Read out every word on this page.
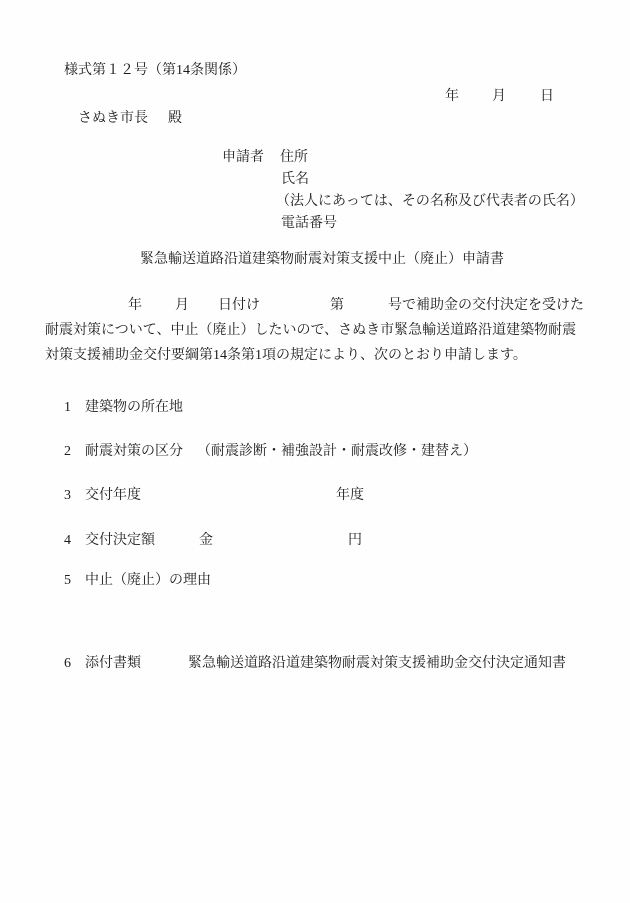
様式第１２号（第14条関係）
年 月 日
さぬき市長 殿
申請者 住所
氏名
（法人にあっては、その名称及び代表者の氏名）
電話番号
緊急輸送道路沿道建築物耐震対策支援中止（廃止）申請書
年 月 日付け	第	号で補助金の交付決定を受けた
耐震対策について、中止（廃止）したいので、さぬき市緊急輸送道路沿道建築物耐震
対策支援補助金交付要綱第14条第1項の規定により、次のとおり申請します。
1 建築物の所在地
2 耐震対策の区分 （耐震診断・補強設計・耐震改修・建替え）
3 交付年度	年度
4 交付決定額	金	円
5 中止（廃止）の理由
6 添付書類	緊急輸送道路沿道建築物耐震対策支援補助金交付決定通知書
